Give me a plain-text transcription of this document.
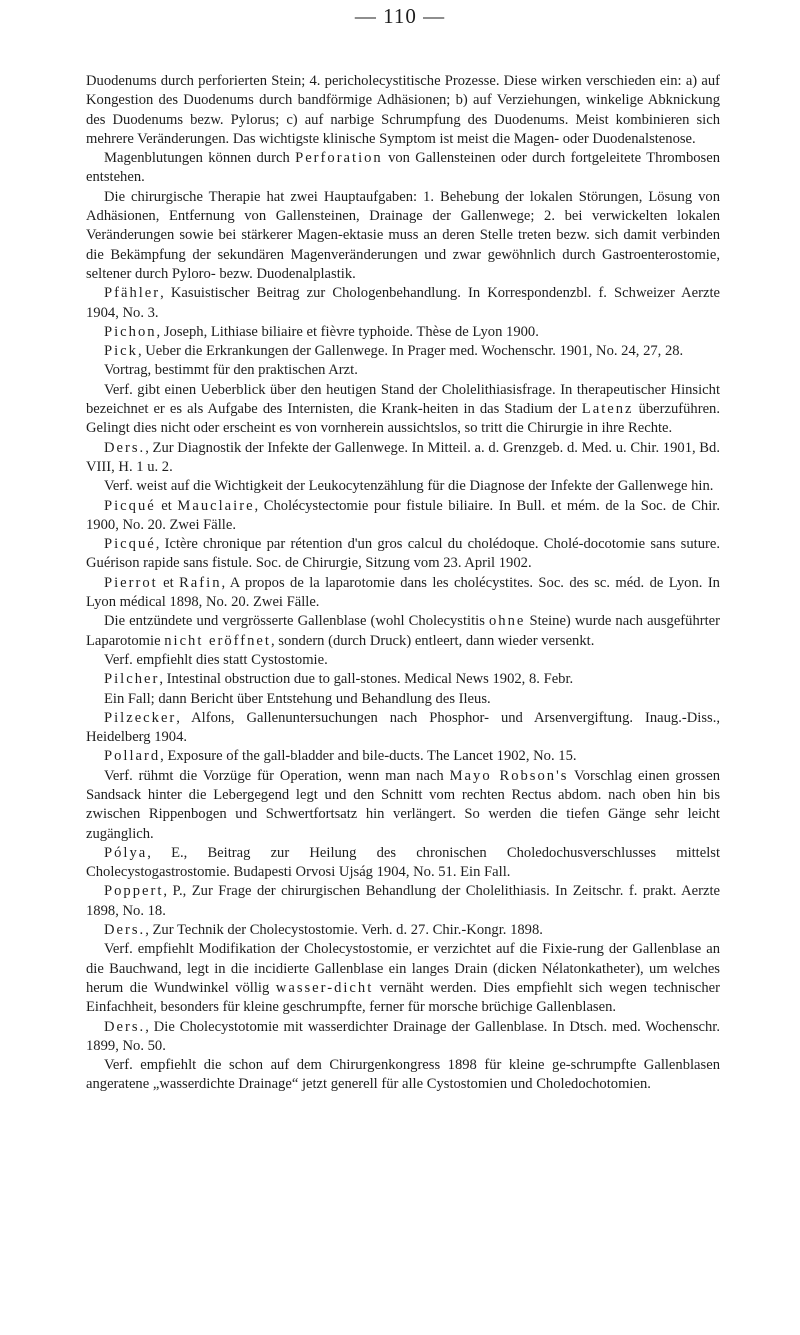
— 110 —

Duodenums durch perforierten Stein; 4. pericholecystitische Prozesse. Diese wirken verschieden ein: a) auf Kongestion des Duodenums durch bandförmige Adhäsionen; b) auf Verziehungen, winkelige Abknickung des Duodenums bezw. Pylorus; c) auf narbige Schrumpfung des Duodenums. Meist kombinieren sich mehrere Veränderungen. Das wichtigste klinische Symptom ist meist die Magen- oder Duodenalstenose.

Magenblutungen können durch Perforation von Gallensteinen oder durch fortgeleitete Thrombosen entstehen.

Die chirurgische Therapie hat zwei Hauptaufgaben: 1. Behebung der lokalen Störungen, Lösung von Adhäsionen, Entfernung von Gallensteinen, Drainage der Gallenwege; 2. bei verwickelten lokalen Veränderungen sowie bei stärkerer Magen-ektasie muss an deren Stelle treten bezw. sich damit verbinden die Bekämpfung der sekundären Magenveränderungen und zwar gewöhnlich durch Gastroenterostomie, seltener durch Pyloro- bezw. Duodenalplastik.

Pfähler, Kasuistischer Beitrag zur Chologenbehandlung. In Korrespondenzbl. f. Schweizer Aerzte 1904, No. 3.

Pichon, Joseph, Lithiase biliaire et fièvre typhoide. Thèse de Lyon 1900.

Pick, Ueber die Erkrankungen der Gallenwege. In Prager med. Wochenschr. 1901, No. 24, 27, 28.

Vortrag, bestimmt für den praktischen Arzt.

Verf. gibt einen Ueberblick über den heutigen Stand der Cholelithiasisfrage. In therapeutischer Hinsicht bezeichnet er es als Aufgabe des Internisten, die Krank-heiten in das Stadium der Latenz überzuführen. Gelingt dies nicht oder erscheint es von vornherein aussichtslos, so tritt die Chirurgie in ihre Rechte.

Ders., Zur Diagnostik der Infekte der Gallenwege. In Mitteil. a. d. Grenzgeb. d. Med. u. Chir. 1901, Bd. VIII, H. 1 u. 2.

Verf. weist auf die Wichtigkeit der Leukocytenzählung für die Diagnose der Infekte der Gallenwege hin.

Picqué et Mauclaire, Cholécystectomie pour fistule biliaire. In Bull. et mém. de la Soc. de Chir. 1900, No. 20. Zwei Fälle.

Picqué, Ictère chronique par rétention d'un gros calcul du cholédoque. Cholé-docotomie sans suture. Guérison rapide sans fistule. Soc. de Chirurgie, Sitzung vom 23. April 1902.

Pierrot et Rafin, A propos de la laparotomie dans les cholécystites. Soc. des sc. méd. de Lyon. In Lyon médical 1898, No. 20. Zwei Fälle.

Die entzündete und vergrösserte Gallenblase (wohl Cholecystitis ohne Steine) wurde nach ausgeführter Laparotomie nicht eröffnet, sondern (durch Druck) entleert, dann wieder versenkt.

Verf. empfiehlt dies statt Cystostomie.

Pilcher, Intestinal obstruction due to gall-stones. Medical News 1902, 8. Febr.

Ein Fall; dann Bericht über Entstehung und Behandlung des Ileus.

Pilzecker, Alfons, Gallenuntersuchungen nach Phosphor- und Arsenvergiftung. Inaug.-Diss., Heidelberg 1904.

Pollard, Exposure of the gall-bladder and bile-ducts. The Lancet 1902, No. 15.

Verf. rühmt die Vorzüge für Operation, wenn man nach Mayo Robson's Vorschlag einen grossen Sandsack hinter die Lebergegend legt und den Schnitt vom rechten Rectus abdom. nach oben hin bis zwischen Rippenbogen und Schwertfortsatz hin verlängert. So werden die tiefen Gänge sehr leicht zugänglich.

Pólya, E., Beitrag zur Heilung des chronischen Choledochusverschlusses mittelst Cholecystogastrostomie. Budapesti Orvosi Ujság 1904, No. 51. Ein Fall.

Poppert, P., Zur Frage der chirurgischen Behandlung der Cholelithiasis. In Zeitschr. f. prakt. Aerzte 1898, No. 18.

Ders., Zur Technik der Cholecystostomie. Verh. d. 27. Chir.-Kongr. 1898.

Verf. empfiehlt Modifikation der Cholecystostomie, er verzichtet auf die Fixie-rung der Gallenblase an die Bauchwand, legt in die incidierte Gallenblase ein langes Drain (dicken Nélatonkatheter), um welches herum die Wundwinkel völlig wasser-dicht vernäht werden. Dies empfiehlt sich wegen technischer Einfachheit, besonders für kleine geschrumpfte, ferner für morsche brüchige Gallenblasen.

Ders., Die Cholecystotomie mit wasserdichter Drainage der Gallenblase. In Dtsch. med. Wochenschr. 1899, No. 50.

Verf. empfiehlt die schon auf dem Chirurgenkongress 1898 für kleine ge-schrumpfte Gallenblasen angeratene „wasserdichte Drainage“ jetzt generell für alle Cystostomien und Choledochotomien.
